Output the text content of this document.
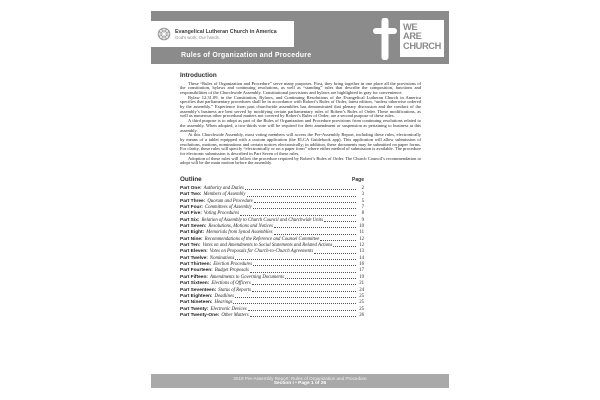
Evangelical Lutheran Church in America
God's work. Our hands.
Rules of Organization and Procedure
WE
ARE
CHURCH
Introduction

These “Rules of Organization and Procedure” serve many purposes. First, they bring together in one place all the provisions of the constitution, bylaws and continuing resolutions, as well as “standing” rules that describe the composition, functions and responsibilities of the Churchwide Assembly. Constitutional provisions and bylaws are highlighted in gray for convenience.

Bylaw 12.31.09. in the Constitution, Bylaws, and Continuing Resolutions of the Evangelical Lutheran Church in America specifies that parliamentary procedures shall be in accordance with Robert’s Rules of Order, latest edition, “unless otherwise ordered by the assembly.” Experience from past churchwide assemblies has demonstrated that plenary discussion and the conduct of the assembly’s business are best served by modifying certain parliamentary rules of Robert’s Rules of Order. These modifications, as well as numerous other procedural matters not covered by Robert’s Rules of Order, are a second purpose of these rules.

A third purpose is to adopt as part of the Rules of Organization and Procedure provisions from continuing resolutions related to the assembly. When adopted, a two-thirds vote will be required for their amendment or suspension as pertaining to business at this assembly.

At this Churchwide Assembly, most voting members will access the Pre-Assembly Report, including these rules, electronically by means of a tablet equipped with a custom application (the ELCA Guidebook app). This application will allow submission of resolutions, motions, nominations and certain notices electronically; in addition, these documents may be submitted on paper forms. For clarity, these rules will specify “electronically or on a paper form” where either method of submission is available. The procedure for electronic submission is described in Part Seven of these rules.

Adoption of these rules will follow the procedure required by Robert’s Rules of Order. The Church Council’s recommendation to adopt will be the main motion before the assembly.

Outline	Page
Part One: Authority and Duties	2
Part Two: Members of Assembly	3
Part Three: Quorum and Procedure	5
Part Four: Committees of Assembly	7
Part Five: Voting Procedures	8
Part Six: Relation of Assembly to Church Council and Churchwide Units	9
Part Seven: Resolutions, Motions and Notices	10
Part Eight: Memorials from Synod Assemblies	11
Part Nine: Recommendations of the Reference and Counsel Committee	12
Part Ten: Votes on and Amendments to Social Statements and Related Actions	12
Part Eleven: Votes on Proposals for Church-to-Church Agreements	13
Part Twelve: Nominations	14
Part Thirteen: Election Procedures	16
Part Fourteen: Budget Proposals	17
Part Fifteen: Amendments to Governing Documents	19
Part Sixteen: Elections of Officers	21
Part Seventeen: Status of Reports	24
Part Eighteen: Deadlines	25
Part Nineteen: Hearings	25
Part Twenty: Electronic Devices	25
Part Twenty-One: Other Matters	26
2019 Pre-Assembly Report: Rules of Organization and Procedure
Section I • Page 1 of 26
